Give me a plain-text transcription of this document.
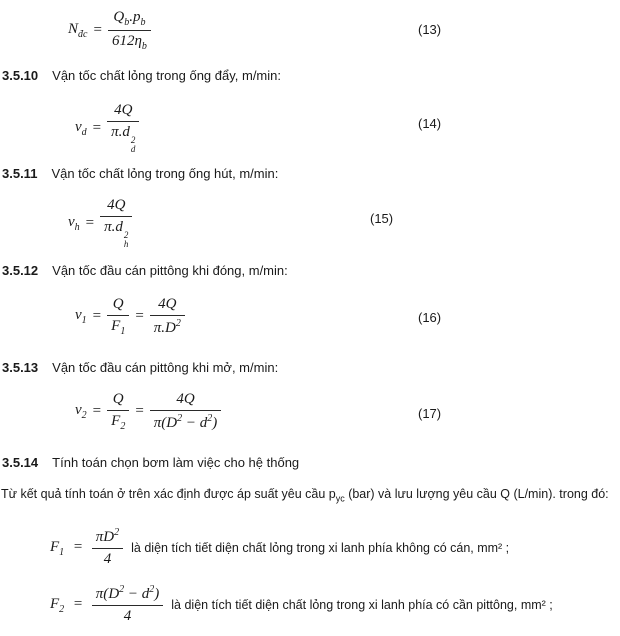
$N_{đc} = \frac{Q_b.p_b}{612\eta_b}$	(13)
3.5.10 Vận tốc chất lỏng trong ống đẩy, m/min:
$v_d = 4Q$
π.d 2
d	(14)
3.5.11 Vận tốc chất lỏng trong ống hút, m/min:
$v_h = 4Q$
π.d 2
h	(15)
3.5.12 Vận tốc đầu cán pittông khi đóng, m/min:
$v_1 = \frac{Q}{F_1} = \frac{4Q}{\pi.D^2}$	(16)
3.5.13 Vận tốc đầu cán pittông khi mở, m/min:
$v_2 = \frac{Q}{F_2} = \frac{4Q}{\pi(D^2 - d^2)}$	(17)
3.5.14 Tính toán chọn bơm làm việc cho hệ thống
Từ kết quả tính toán ở trên xác định được áp suất yêu cầu $p_{yc}$ (bar) và lưu lượng yêu cầu Q (L/min). trong đó:
$F_1 = \frac{\pi D^2}{4}$ là diện tích tiết diện chất lỏng trong xi lanh phía không có cán, mm² ;
$F_2 = \frac{\pi(D^2 - d^2)}{4}$ là diện tích tiết diện chất lỏng trong xi lanh phía có cần pittông, mm² ;
